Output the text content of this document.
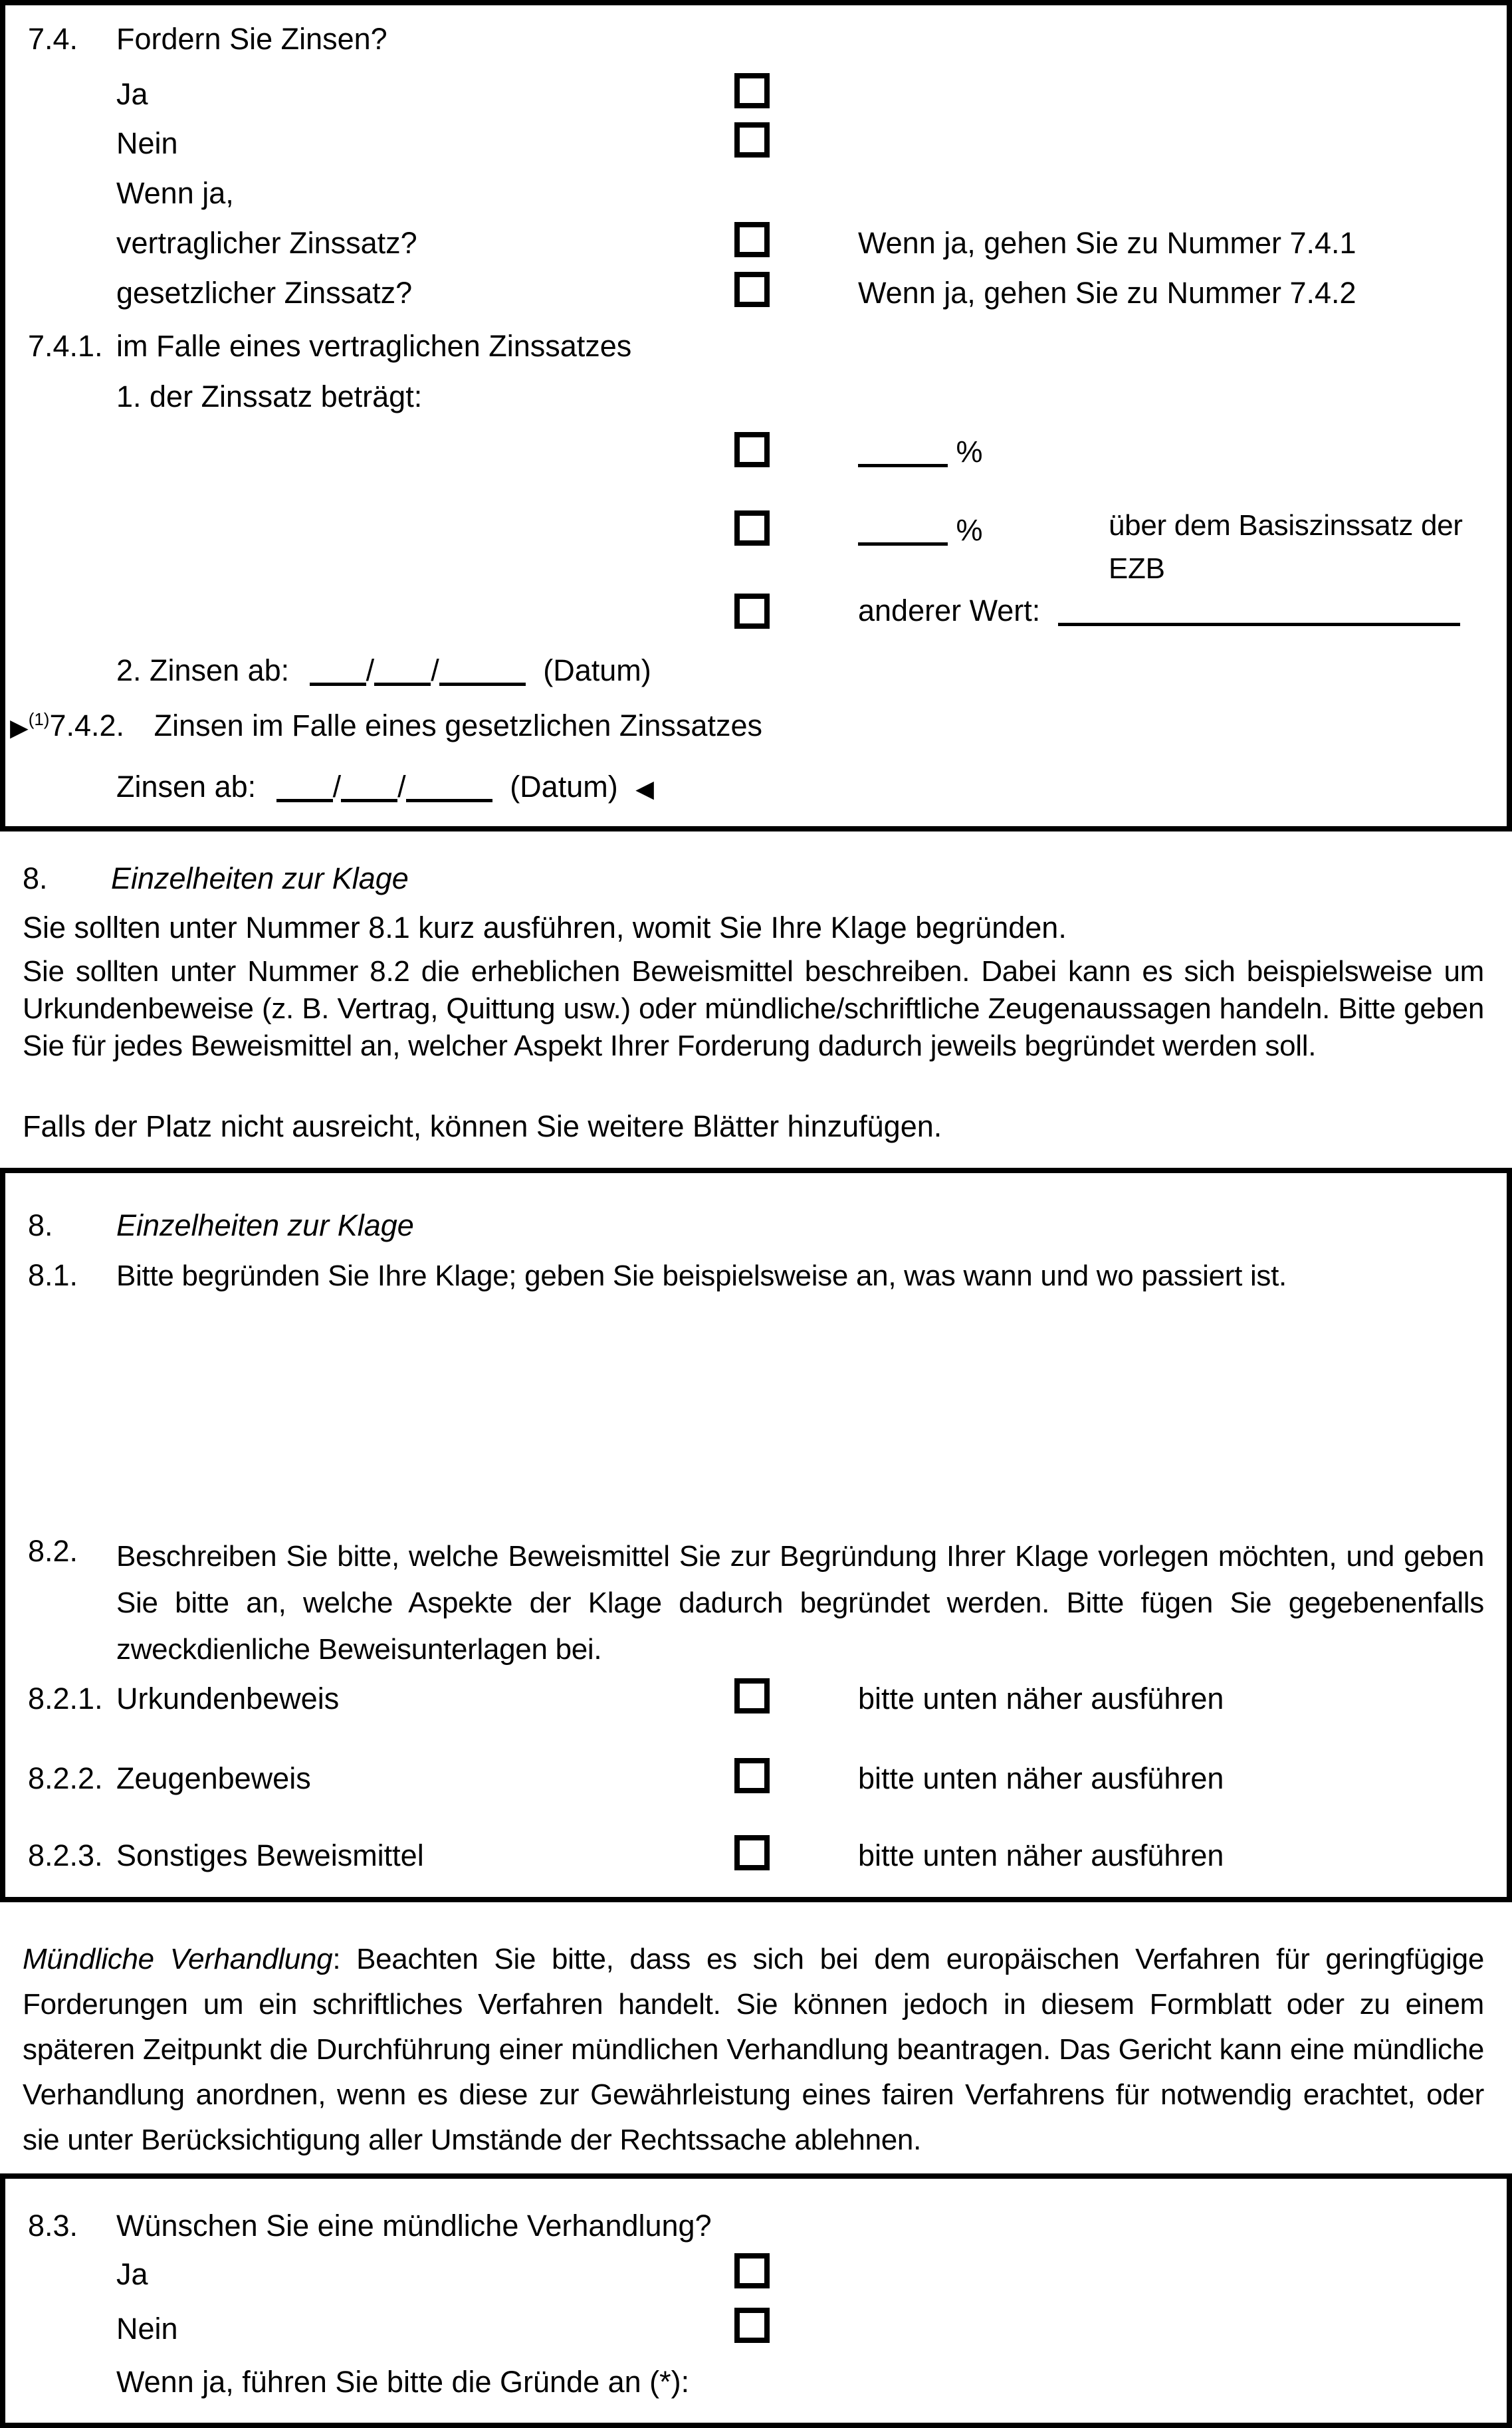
7.4. Fordern Sie Zinsen?
Ja
Nein
Wenn ja,
vertraglicher Zinssatz?	Wenn ja, gehen Sie zu Nummer 7.4.1
gesetzlicher Zinssatz?	Wenn ja, gehen Sie zu Nummer 7.4.2
7.4.1. im Falle eines vertraglichen Zinssatzes
1. der Zinssatz beträgt:
%
%	über dem Basiszinssatz der EZB
anderer Wert:
2. Zinsen ab:	/ /	(Datum)
▶$^{(1)}$7.4.2. Zinsen im Falle eines gesetzlichen Zinssatzes
Zinsen ab:	/ /	(Datum) ◀
8. Einzelheiten zur Klage
Sie sollten unter Nummer 8.1 kurz ausführen, womit Sie Ihre Klage begründen.
Sie sollten unter Nummer 8.2 die erheblichen Beweismittel beschreiben. Dabei kann es sich beispielsweise um Urkundenbeweise (z. B. Vertrag, Quittung usw.) oder mündliche/schriftliche Zeugenaussagen handeln. Bitte geben Sie für jedes Beweismittel an, welcher Aspekt Ihrer Forderung dadurch jeweils begründet werden soll.
Falls der Platz nicht ausreicht, können Sie weitere Blätter hinzufügen.
8. Einzelheiten zur Klage
8.1. Bitte begründen Sie Ihre Klage; geben Sie beispielsweise an, was wann und wo passiert ist.
8.2. Beschreiben Sie bitte, welche Beweismittel Sie zur Begründung Ihrer Klage vorlegen möchten, und geben Sie bitte an, welche Aspekte der Klage dadurch begründet werden. Bitte fügen Sie gegebenenfalls zweckdienliche Beweisunterlagen bei.
8.2.1. Urkundenbeweis	bitte unten näher ausführen
8.2.2. Zeugenbeweis	bitte unten näher ausführen
8.2.3. Sonstiges Beweismittel	bitte unten näher ausführen
Mündliche Verhandlung: Beachten Sie bitte, dass es sich bei dem europäischen Verfahren für geringfügige Forderungen um ein schriftliches Verfahren handelt. Sie können jedoch in diesem Formblatt oder zu einem späteren Zeitpunkt die Durchführung einer mündlichen Verhandlung beantragen. Das Gericht kann eine mündliche Verhandlung anordnen, wenn es diese zur Gewährleistung eines fairen Verfahrens für notwendig erachtet, oder sie unter Berücksichtigung aller Umstände der Rechtssache ablehnen.
8.3. Wünschen Sie eine mündliche Verhandlung?
Ja
Nein
Wenn ja, führen Sie bitte die Gründe an (*):
